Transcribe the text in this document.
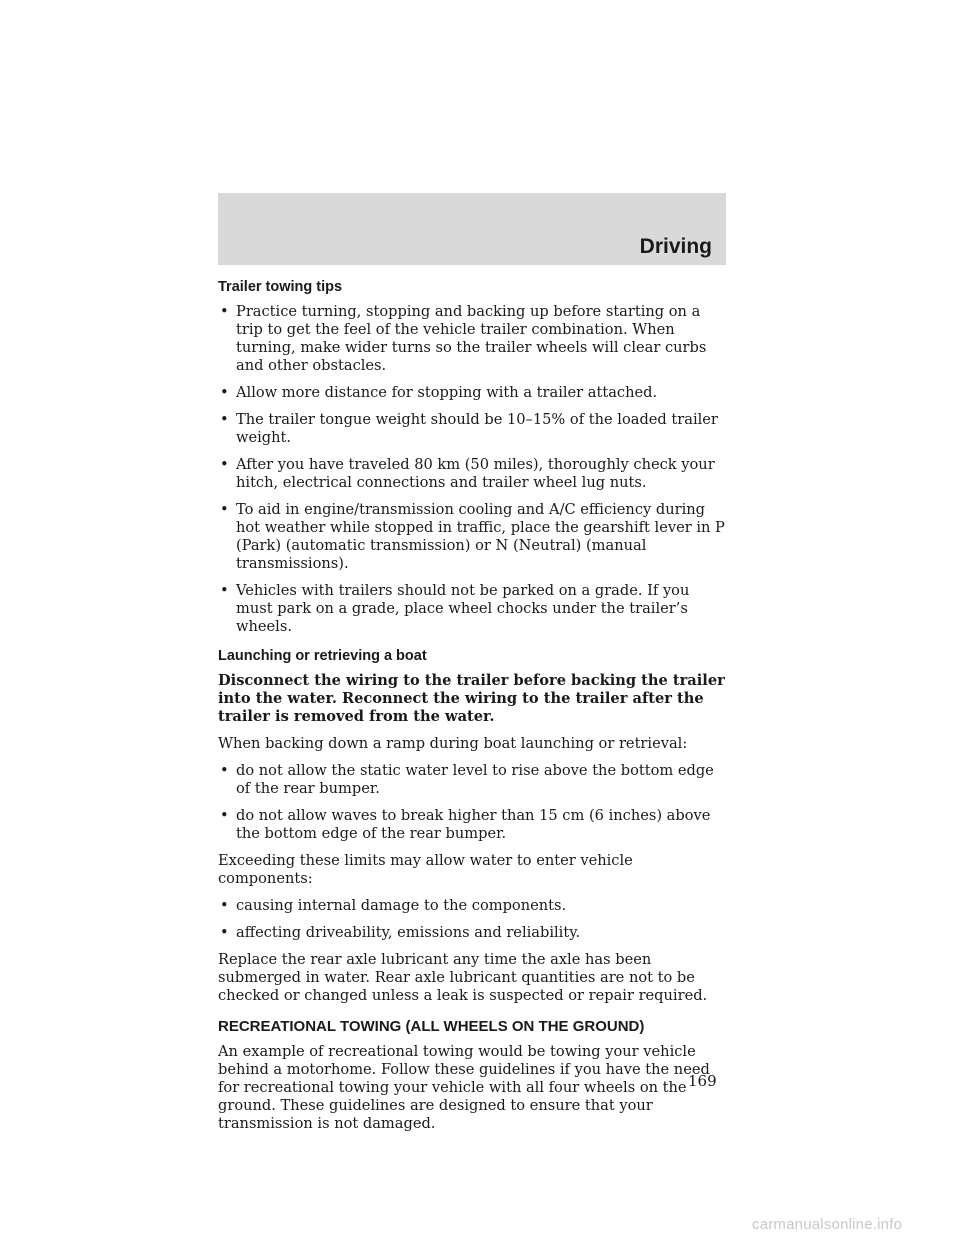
Driving
Trailer towing tips
• Practice turning, stopping and backing up before starting on a trip to get the feel of the vehicle trailer combination. When turning, make wider turns so the trailer wheels will clear curbs and other obstacles.
• Allow more distance for stopping with a trailer attached.
• The trailer tongue weight should be 10–15% of the loaded trailer weight.
• After you have traveled 80 km (50 miles), thoroughly check your hitch, electrical connections and trailer wheel lug nuts.
• To aid in engine/transmission cooling and A/C efficiency during hot weather while stopped in traffic, place the gearshift lever in P (Park) (automatic transmission) or N (Neutral) (manual transmissions).
• Vehicles with trailers should not be parked on a grade. If you must park on a grade, place wheel chocks under the trailer’s wheels.
Launching or retrieving a boat

Disconnect the wiring to the trailer before backing the trailer into the water. Reconnect the wiring to the trailer after the trailer is removed from the water.

When backing down a ramp during boat launching or retrieval:

• do not allow the static water level to rise above the bottom edge of the rear bumper.
• do not allow waves to break higher than 15 cm (6 inches) above the bottom edge of the rear bumper.

Exceeding these limits may allow water to enter vehicle components:

• causing internal damage to the components.
• affecting driveability, emissions and reliability.

Replace the rear axle lubricant any time the axle has been submerged in water. Rear axle lubricant quantities are not to be checked or changed unless a leak is suspected or repair required.

RECREATIONAL TOWING (ALL WHEELS ON THE GROUND)

An example of recreational towing would be towing your vehicle behind a motorhome. Follow these guidelines if you have the need for recreational towing your vehicle with all four wheels on the ground. These guidelines are designed to ensure that your transmission is not damaged.

169
carmanualsonline.info
